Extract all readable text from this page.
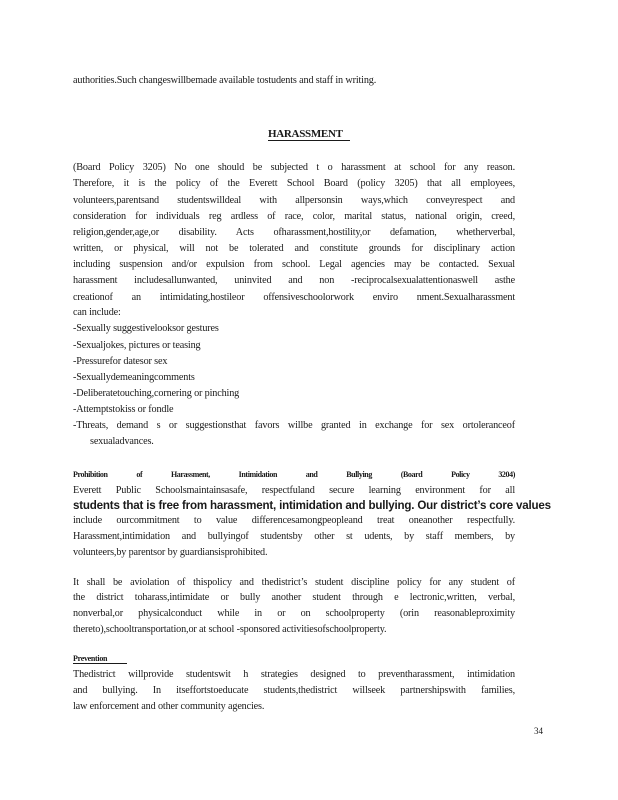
authorities.Such changeswillbemade available tostudents and staff in writing.
HARASSMENT
(Board Policy 3205) No one should be subjected t o harassment at school for any reason.
Therefore, it is the policy of the Everett School Board (policy 3205) that all employees,
volunteers,parentsand studentswilldeal with allpersonsin ways,which conveyrespect and
consideration for individuals reg ardless of race, color, marital status, national origin, creed,
religion,gender,age,or disability. Acts ofharassment,hostility,or defamation, whetherverbal,
written, or physical, will not be tolerated and constitute grounds for disciplinary action
including suspension and/or expulsion from school. Legal agencies may be contacted. Sexual
harassment includesallunwanted, uninvited and non -reciprocalsexualattentionaswell asthe
creationof an intimidating,hostileor offensiveschoolorwork enviro nment.Sexualharassment
can include:
-Sexually suggestivelooksor gestures
-Sexualjokes, pictures or teasing
-Pressurefor datesor sex
-Sexuallydemeaningcomments
-Deliberatetouching,cornering or pinching
-Attemptstokiss or fondle
-Threats, demand s or suggestionsthat favors willbe granted in exchange for sex ortoleranceof
sexualadvances.
Prohibition of Harassment, Intimidation and Bullying (Board Policy 3204)
Everett Public Schoolsmaintainsasafe, respectfuland secure learning environment for all
students that is free from harassment, intimidation and bullying. Our district’s core values
include ourcommitment to value differencesamongpeopleand treat oneanother respectfully.
Harassment,intimidation and bullyingof studentsby other st udents, by staff members, by
volunteers,by parentsor by guardiansisprohibited.
It shall be aviolation of thispolicy and thedistrict’s student discipline policy for any student of
the district toharass,intimidate or bully another student through e lectronic,written, verbal,
nonverbal,or physicalconduct while in or on schoolproperty (orin reasonableproximity
thereto),schooltransportation,or at school -sponsored activitiesofschoolproperty.
Prevention
Thedistrict willprovide studentswit h strategies designed to preventharassment, intimidation
and bullying. In itseffortstoeducate students,thedistrict willseek partnershipswith families,
law enforcement and other community agencies.
34
